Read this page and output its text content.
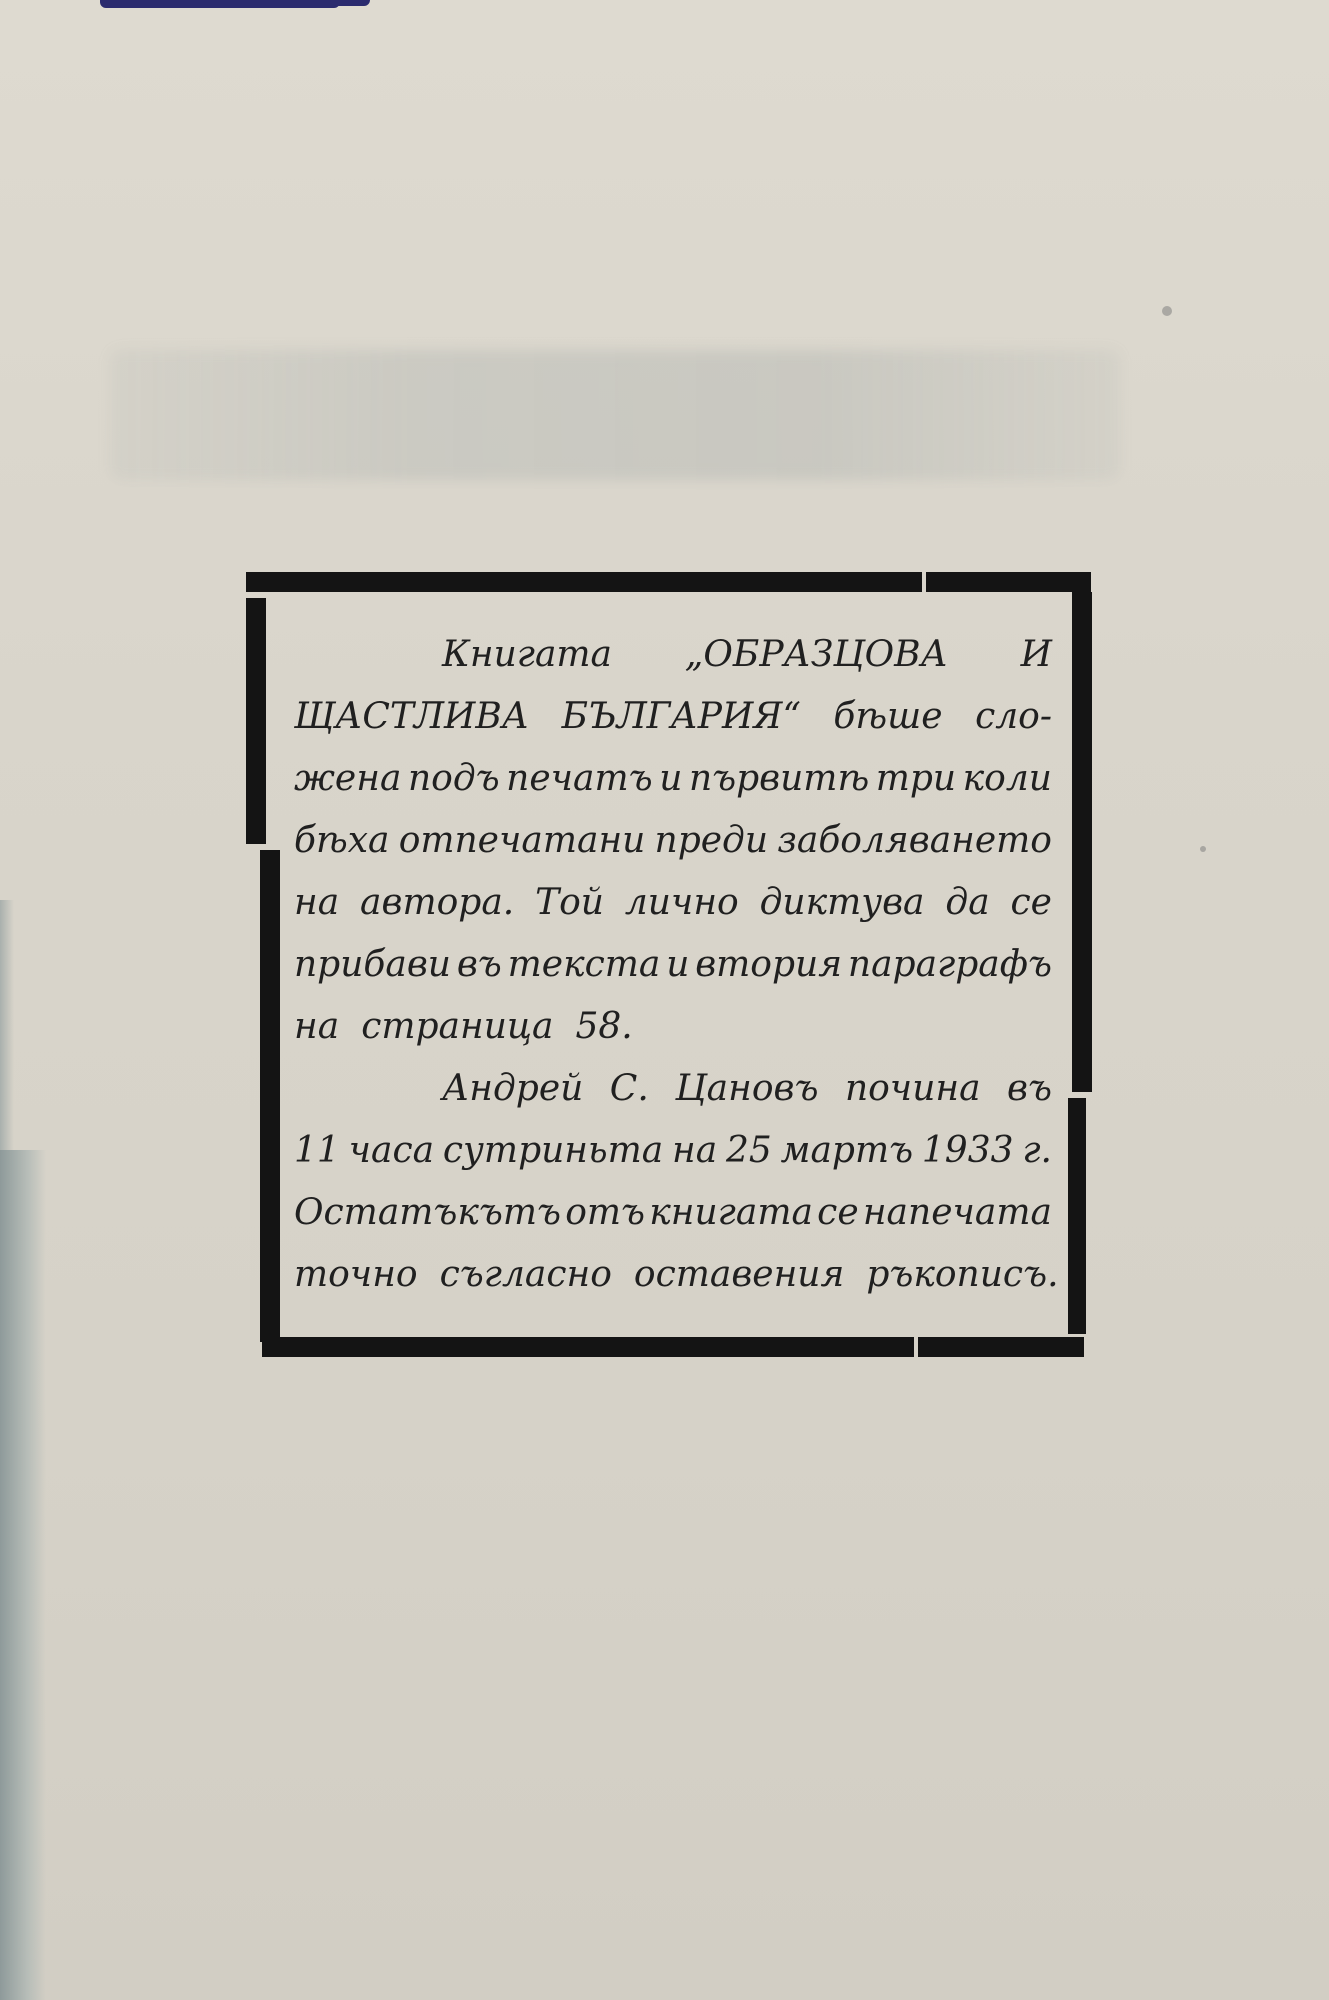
Книгата „ОБРАЗЦОВА И
ЩАСТЛИВА БЪЛГАРИЯ“ бѣше сло-
жена подъ печатъ и първитѣ три коли
бѣха отпечатани преди заболяването
на автора. Той лично диктува да се
прибави въ текста и втория параграфъ
на страница 58.
Андрей С. Цановъ почина въ
11 часа сутриньта на 25 мартъ 1933 г.
Остатъкътъ отъ книгата се напечата
точно съгласно оставения ръкописъ.
